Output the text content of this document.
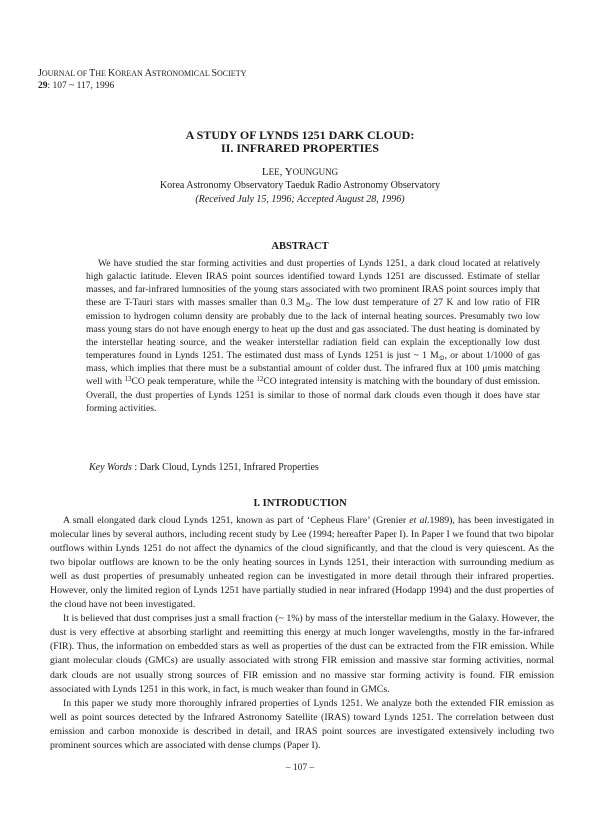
JOURNAL OF THE KOREAN ASTRONOMICAL SOCIETY
29: 107 ~ 117, 1996
A STUDY OF LYNDS 1251 DARK CLOUD:
II. INFRARED PROPERTIES
LEE, YOUNGUNG
Korea Astronomy Observatory Taeduk Radio Astronomy Observatory
(Received July 15, 1996; Accepted August 28, 1996)
ABSTRACT

We have studied the star forming activities and dust properties of Lynds 1251, a dark cloud located at relatively high galactic latitude. Eleven IRAS point sources identified toward Lynds 1251 are discussed. Estimate of stellar masses, and far-infrared lumnosities of the young stars associated with two prominent IRAS point sources imply that these are T-Tauri stars with masses smaller than 0.3 $M_⊙$. The low dust temperature of 27 K and low ratio of FIR emission to hydrogen column density are probably due to the lack of internal heating sources. Presumably two low mass young stars do not have enough energy to heat up the dust and gas associated. The dust heating is dominated by the interstellar heating source, and the weaker interstellar radiation field can explain the exceptionally low dust temperatures found in Lynds 1251. The estimated dust mass of Lynds 1251 is just ~ 1 $M_⊙$, or about 1/1000 of gas mass, which implies that there must be a substantial amount of colder dust. The infrared flux at 100 μmis matching well with $^{13}$CO peak temperature, while the $^{12}$CO integrated intensity is matching with the boundary of dust emission. Overall, the dust properties of Lynds 1251 is similar to those of normal dark clouds even though it does have star forming activities.

Key Words : Dark Cloud, Lynds 1251, Infrared Properties
I. INTRODUCTION

A small elongated dark cloud Lynds 1251, known as part of ‘Cepheus Flare’ (Grenier et al.1989), has been investigated in molecular lines by several authors, including recent study by Lee (1994; hereafter Paper I). In Paper I we found that two bipolar outflows within Lynds 1251 do not affect the dynamics of the cloud significantly, and that the cloud is very quiescent. As the two bipolar outflows are known to be the only heating sources in Lynds 1251, their interaction with surrounding medium as well as dust properties of presumably unheated region can be investigated in more detail through their infrared properties. However, only the limited region of Lynds 1251 have partially studied in near infrared (Hodapp 1994) and the dust properties of the cloud have not been investigated.

It is believed that dust comprises just a small fraction (~ 1%) by mass of the interstellar medium in the Galaxy. However, the dust is very effective at absorbing starlight and reemitting this energy at much longer wavelengths, mostly in the far-infrared (FIR). Thus, the information on embedded stars as well as properties of the dust can be extracted from the FIR emission. While giant molecular clouds (GMCs) are usually associated with strong FIR emission and massive star forming activities, normal dark clouds are not usually strong sources of FIR emission and no massive star forming activity is found. FIR emission associated with Lynds 1251 in this work, in fact, is much weaker than found in GMCs.

In this paper we study more thoroughly infrared properties of Lynds 1251. We analyze both the extended FIR emission as well as point sources detected by the Infrared Astronomy Satellite (IRAS) toward Lynds 1251. The correlation between dust emission and carbon monoxide is described in detail, and IRAS point sources are investigated extensively including two prominent sources which are associated with dense clumps (Paper I).

– 107 –
